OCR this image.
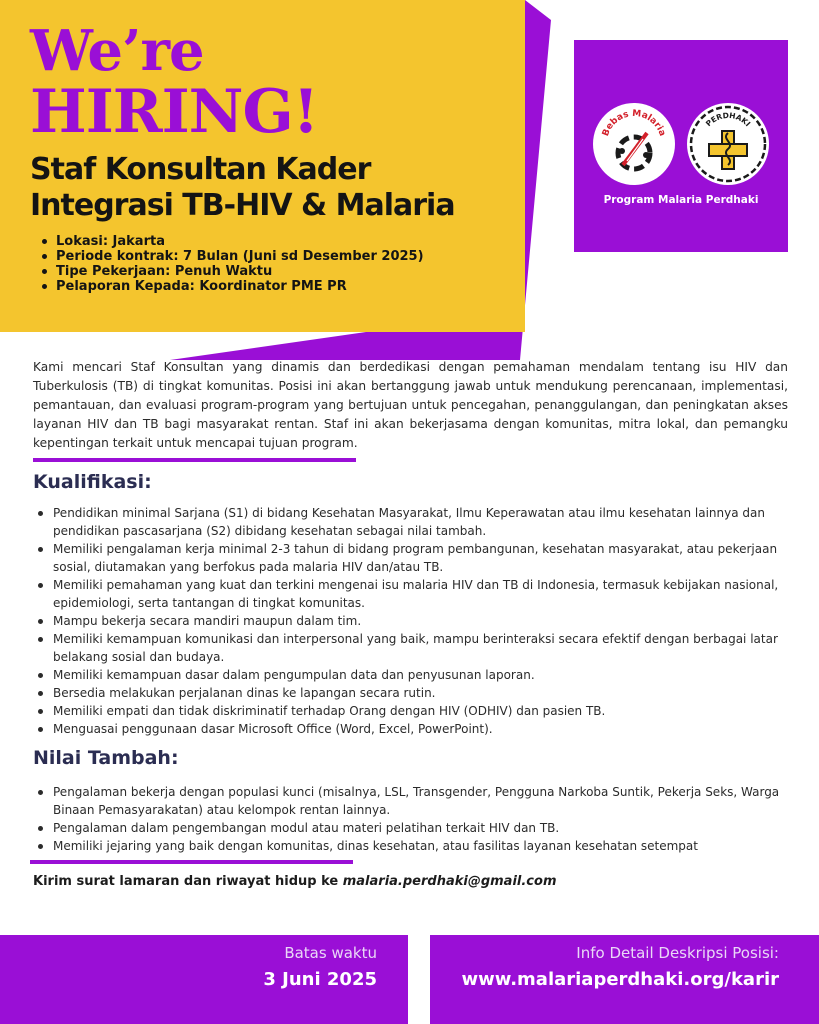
We’re
HIRING!
Staf Konsultan Kader
Integrasi TB-HIV & Malaria
Lokasi: Jakarta
Periode kontrak: 7 Bulan (Juni sd Desember 2025)
Tipe Pekerjaan: Penuh Waktu
Pelaporan Kepada: Koordinator PME PR
Bebas Malaria
PERDHAKI
Program Malaria Perdhaki

Kami mencari Staf Konsultan yang dinamis dan berdedikasi dengan pemahaman mendalam tentang isu HIV dan Tuberkulosis (TB) di tingkat komunitas. Posisi ini akan bertanggung jawab untuk mendukung perencanaan, implementasi, pemantauan, dan evaluasi program-program yang bertujuan untuk pencegahan, penanggulangan, dan peningkatan akses layanan HIV dan TB bagi masyarakat rentan. Staf ini akan bekerjasama dengan komunitas, mitra lokal, dan pemangku kepentingan terkait untuk mencapai tujuan program.

Kualifikasi:
Pendidikan minimal Sarjana (S1) di bidang Kesehatan Masyarakat, Ilmu Keperawatan atau ilmu kesehatan lainnya dan pendidikan pascasarjana (S2) dibidang kesehatan sebagai nilai tambah.
Memiliki pengalaman kerja minimal 2-3 tahun di bidang program pembangunan, kesehatan masyarakat, atau pekerjaan sosial, diutamakan yang berfokus pada malaria HIV dan/atau TB.
Memiliki pemahaman yang kuat dan terkini mengenai isu malaria HIV dan TB di Indonesia, termasuk kebijakan nasional, epidemiologi, serta tantangan di tingkat komunitas.
Mampu bekerja secara mandiri maupun dalam tim.
Memiliki kemampuan komunikasi dan interpersonal yang baik, mampu berinteraksi secara efektif dengan berbagai latar belakang sosial dan budaya.
Memiliki kemampuan dasar dalam pengumpulan data dan penyusunan laporan.
Bersedia melakukan perjalanan dinas ke lapangan secara rutin.
Memiliki empati dan tidak diskriminatif terhadap Orang dengan HIV (ODHIV) dan pasien TB.
Menguasai penggunaan dasar Microsoft Office (Word, Excel, PowerPoint).
Nilai Tambah:
Pengalaman bekerja dengan populasi kunci (misalnya, LSL, Transgender, Pengguna Narkoba Suntik, Pekerja Seks, Warga Binaan Pemasyarakatan) atau kelompok rentan lainnya.
Pengalaman dalam pengembangan modul atau materi pelatihan terkait HIV dan TB.
Memiliki jejaring yang baik dengan komunitas, dinas kesehatan, atau fasilitas layanan kesehatan setempat
Kirim surat lamaran dan riwayat hidup ke malaria.perdhaki@gmail.com
Batas waktu
3 Juni 2025
Info Detail Deskripsi Posisi:
www.malariaperdhaki.org/karir
